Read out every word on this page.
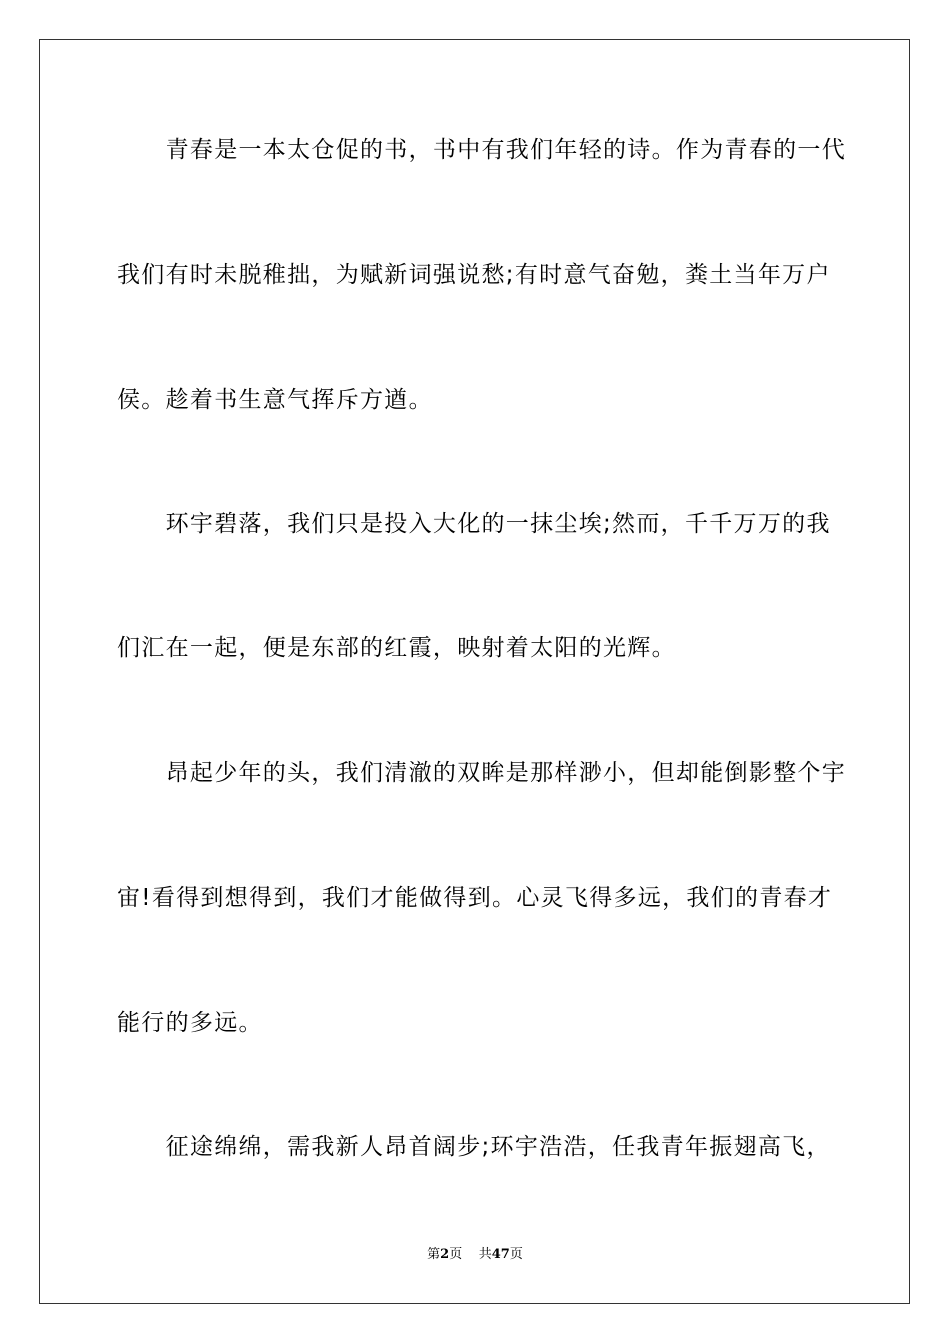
　　青春是一本太仓促的书，书中有我们年轻的诗。作为青春的一代
我们有时未脱稚拙，为赋新词强说愁;有时意气奋勉，粪土当年万户
侯。趁着书生意气挥斥方遒。
　　环宇碧落，我们只是投入大化的一抹尘埃;然而，千千万万的我
们汇在一起，便是东部的红霞，映射着太阳的光辉。
　　昂起少年的头，我们清澈的双眸是那样渺小，但却能倒影整个宇
宙!看得到想得到，我们才能做得到。心灵飞得多远，我们的青春才
能行的多远。
　　征途绵绵，需我新人昂首阔步;环宇浩浩，任我青年振翅高飞，
第2页 共47页
